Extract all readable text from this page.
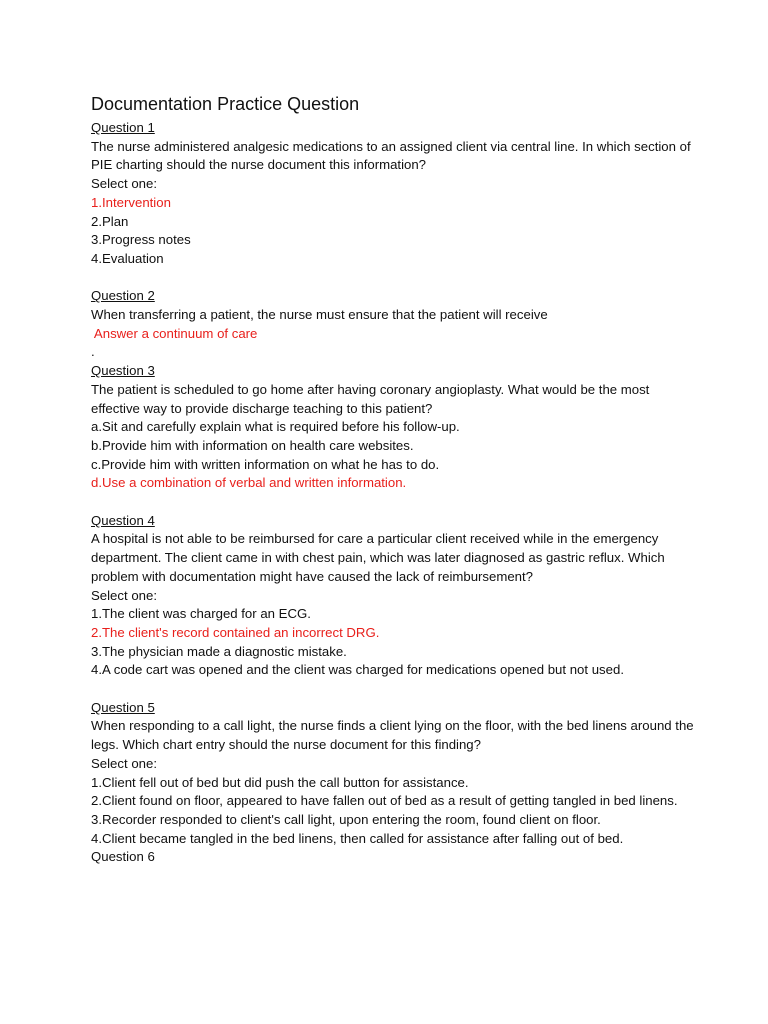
Documentation Practice Question
Question 1
The nurse administered analgesic medications to an assigned client via central line. In which section of PIE charting should the nurse document this information?
Select one:
1.Intervention
2.Plan
3.Progress notes
4.Evaluation
Question 2
When transferring a patient, the nurse must ensure that the patient will receive
Answer a continuum of care
.
Question 3
The patient is scheduled to go home after having coronary angioplasty. What would be the most effective way to provide discharge teaching to this patient?
a.Sit and carefully explain what is required before his follow-up.
b.Provide him with information on health care websites.
c.Provide him with written information on what he has to do.
d.Use a combination of verbal and written information.
Question 4
A hospital is not able to be reimbursed for care a particular client received while in the emergency department. The client came in with chest pain, which was later diagnosed as gastric reflux. Which problem with documentation might have caused the lack of reimbursement?
Select one:
1.The client was charged for an ECG.
2.The client's record contained an incorrect DRG.
3.The physician made a diagnostic mistake.
4.A code cart was opened and the client was charged for medications opened but not used.
Question 5
When responding to a call light, the nurse finds a client lying on the floor, with the bed linens around the legs. Which chart entry should the nurse document for this finding?
Select one:
1.Client fell out of bed but did push the call button for assistance.
2.Client found on floor, appeared to have fallen out of bed as a result of getting tangled in bed linens.
3.Recorder responded to client's call light, upon entering the room, found client on floor.
4.Client became tangled in the bed linens, then called for assistance after falling out of bed.
Question 6
